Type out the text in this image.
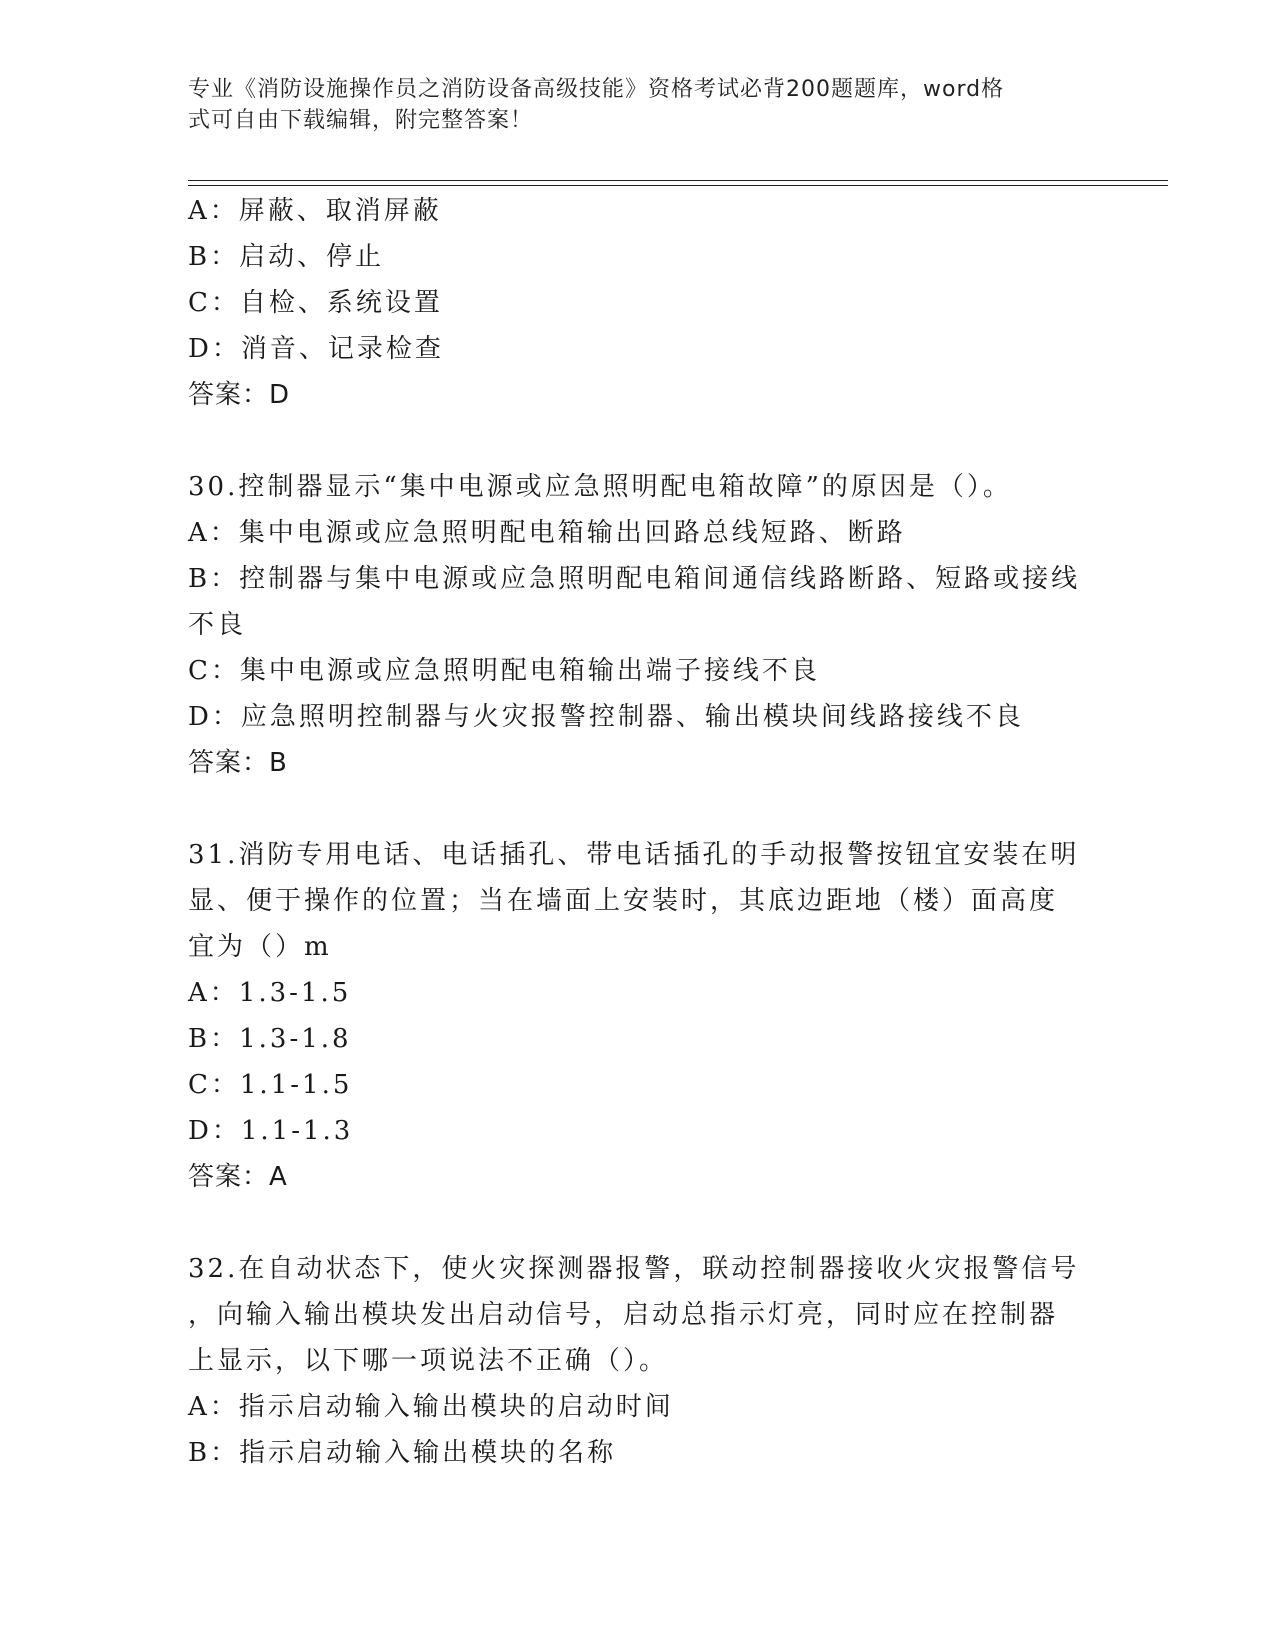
专业《消防设施操作员之消防设备高级技能》资格考试必背200题题库，word格
式可自由下载编辑，附完整答案！
A：屏蔽、取消屏蔽
B：启动、停止
C：自检、系统设置
D：消音、记录检查
答案：D
30.控制器显示“集中电源或应急照明配电箱故障”的原因是（）。
A：集中电源或应急照明配电箱输出回路总线短路、断路
B：控制器与集中电源或应急照明配电箱间通信线路断路、短路或接线
不良
C：集中电源或应急照明配电箱输出端子接线不良
D：应急照明控制器与火灾报警控制器、输出模块间线路接线不良
答案：B
31.消防专用电话、电话插孔、带电话插孔的手动报警按钮宜安装在明
显、便于操作的位置；当在墙面上安装时，其底边距地（楼）面高度
宜为（）m
A：1.3-1.5
B：1.3-1.8
C：1.1-1.5
D：1.1-1.3
答案：A
32.在自动状态下，使火灾探测器报警，联动控制器接收火灾报警信号
，向输入输出模块发出启动信号，启动总指示灯亮，同时应在控制器
上显示，以下哪一项说法不正确（）。
A：指示启动输入输出模块的启动时间
B：指示启动输入输出模块的名称
